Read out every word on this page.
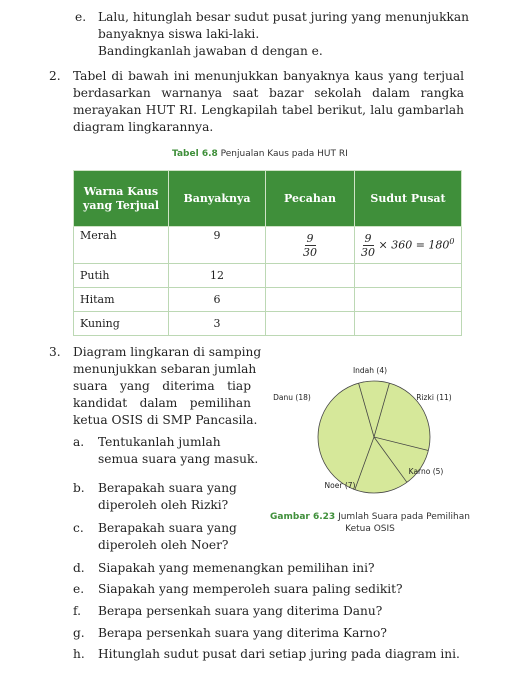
e. Lalu, hitunglah besar sudut pusat juring yang menunjukkan
banyaknya siswa laki-laki.
Bandingkanlah jawaban d dengan e.
2. Tabel di bawah ini menunjukkan banyaknya kaus yang terjual berdasarkan warnanya saat bazar sekolah dalam rangka merayakan HUT RI. Lengkapilah tabel berikut, lalu gambarlah diagram lingkarannya.
Tabel 6.8 Penjualan Kaus pada HUT RI
Warna Kaus yang Terjual	Banyaknya	Pecahan	Sudut Pusat
Merah	9	$\frac{9}{30}$	$\frac{9}{30} \times 360 = 180^0$
Putih	12		
Hitam	6		
Kuning	3		
3. Diagram lingkaran di samping
menunjukkan sebaran jumlah
suara yang diterima tiap
kandidat dalam pemilihan
ketua OSIS di SMP Pancasila.
a. Tentukanlah jumlah
semua suara yang masuk.
b. Berapakah suara yang
diperoleh oleh Rizki?
c. Berapakah suara yang
diperoleh oleh Noer?
d. Siapakah yang memenangkan pemilihan ini?
e. Siapakah yang memperoleh suara paling sedikit?
f. Berapa persenkah suara yang diterima Danu?
g. Berapa persenkah suara yang diterima Karno?
h. Hitunglah sudut pusat dari setiap juring pada diagram ini.
Indah (4)
Rizki (11)
Karno (5)
Noer (7)
Danu (18)
Gambar 6.23 Jumlah Suara pada Pemilihan
Ketua OSIS
